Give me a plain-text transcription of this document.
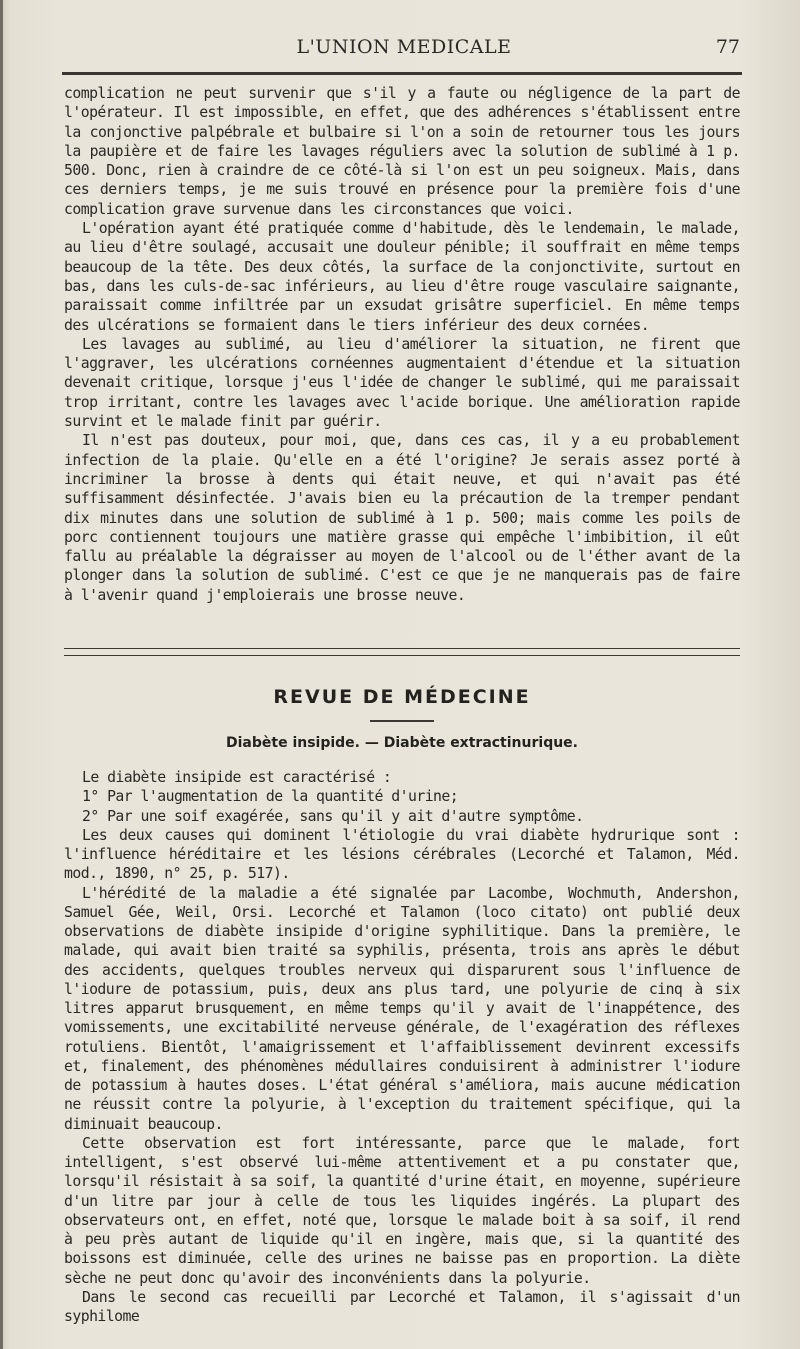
L'UNION MEDICALE	77

complication ne peut survenir que s'il y a faute ou négligence de la part de l'opérateur. Il est impossible, en effet, que des adhérences s'établissent entre la conjonctive palpébrale et bulbaire si l'on a soin de retourner tous les jours la paupière et de faire les lavages réguliers avec la solution de sublimé à 1 p. 500. Donc, rien à craindre de ce côté-là si l'on est un peu soigneux. Mais, dans ces derniers temps, je me suis trouvé en présence pour la première fois d'une complication grave survenue dans les circonstances que voici.

L'opération ayant été pratiquée comme d'habitude, dès le lendemain, le malade, au lieu d'être soulagé, accusait une douleur pénible; il souffrait en même temps beaucoup de la tête. Des deux côtés, la surface de la conjonctivite, surtout en bas, dans les culs-de-sac inférieurs, au lieu d'être rouge vasculaire saignante, paraissait comme infiltrée par un exsudat grisâtre superficiel. En même temps des ulcérations se formaient dans le tiers inférieur des deux cornées.

Les lavages au sublimé, au lieu d'améliorer la situation, ne firent que l'aggraver, les ulcérations cornéennes augmentaient d'étendue et la situation devenait critique, lorsque j'eus l'idée de changer le sublimé, qui me paraissait trop irritant, contre les lavages avec l'acide borique. Une amélioration rapide survint et le malade finit par guérir.

Il n'est pas douteux, pour moi, que, dans ces cas, il y a eu probablement infection de la plaie. Qu'elle en a été l'origine? Je serais assez porté à incriminer la brosse à dents qui était neuve, et qui n'avait pas été suffisamment désinfectée. J'avais bien eu la précaution de la tremper pendant dix minutes dans une solution de sublimé à 1 p. 500; mais comme les poils de porc contiennent toujours une matière grasse qui empêche l'imbibition, il eût fallu au préalable la dégraisser au moyen de l'alcool ou de l'éther avant de la plonger dans la solution de sublimé. C'est ce que je ne manquerais pas de faire à l'avenir quand j'emploierais une brosse neuve.

REVUE DE MÉDECINE
Diabète insipide. — Diabète extractinurique.

Le diabète insipide est caractérisé :

1° Par l'augmentation de la quantité d'urine;

2° Par une soif exagérée, sans qu'il y ait d'autre symptôme.

Les deux causes qui dominent l'étiologie du vrai diabète hydrurique sont : l'influence héréditaire et les lésions cérébrales (Lecorché et Talamon, Méd. mod., 1890, n° 25, p. 517).

L'hérédité de la maladie a été signalée par Lacombe, Wochmuth, Andershon, Samuel Gée, Weil, Orsi. Lecorché et Talamon (loco citato) ont publié deux observations de diabète insipide d'origine syphilitique. Dans la première, le malade, qui avait bien traité sa syphilis, présenta, trois ans après le début des accidents, quelques troubles nerveux qui disparurent sous l'influence de l'iodure de potassium, puis, deux ans plus tard, une polyurie de cinq à six litres apparut brusquement, en même temps qu'il y avait de l'inappétence, des vomissements, une excitabilité nerveuse générale, de l'exagération des réflexes rotuliens. Bientôt, l'amaigrissement et l'affaiblissement devinrent excessifs et, finalement, des phénomènes médullaires conduisirent à administrer l'iodure de potassium à hautes doses. L'état général s'améliora, mais aucune médication ne réussit contre la polyurie, à l'exception du traitement spécifique, qui la diminuait beaucoup.

Cette observation est fort intéressante, parce que le malade, fort intelligent, s'est observé lui-même attentivement et a pu constater que, lorsqu'il résistait à sa soif, la quantité d'urine était, en moyenne, supérieure d'un litre par jour à celle de tous les liquides ingérés. La plupart des observateurs ont, en effet, noté que, lorsque le malade boit à sa soif, il rend à peu près autant de liquide qu'il en ingère, mais que, si la quantité des boissons est diminuée, celle des urines ne baisse pas en proportion. La diète sèche ne peut donc qu'avoir des inconvénients dans la polyurie.

Dans le second cas recueilli par Lecorché et Talamon, il s'agissait d'un syphilome
